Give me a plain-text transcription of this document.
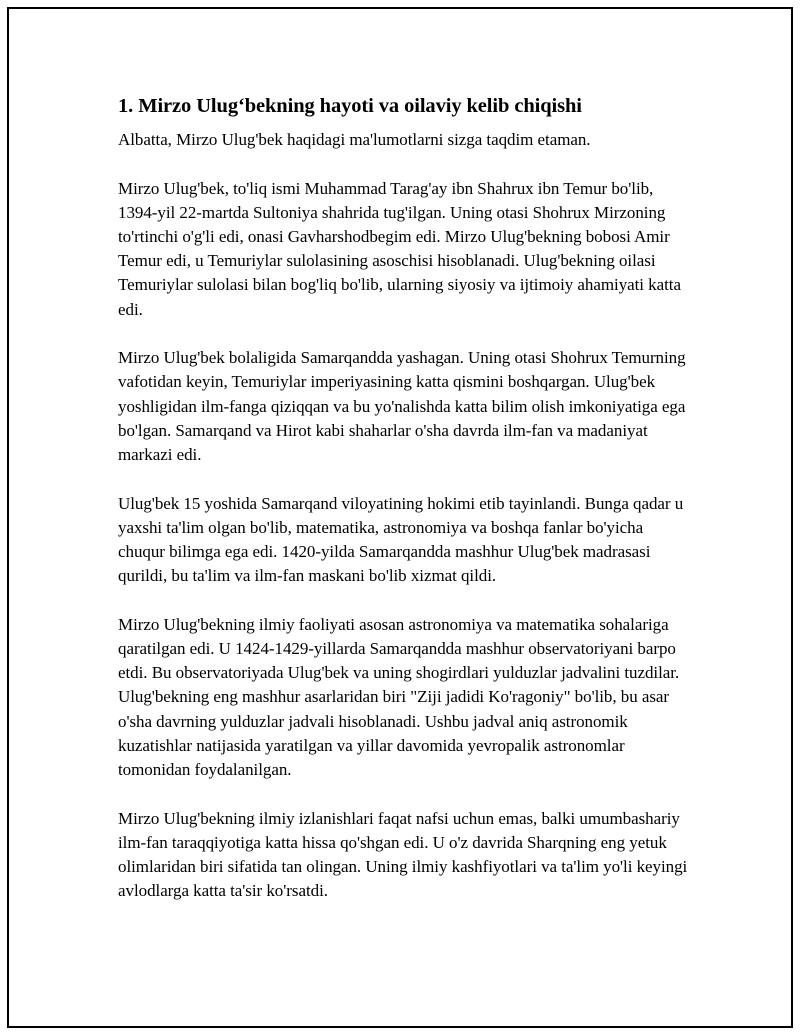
1. Mirzo Ulug‘bekning hayoti va oilaviy kelib chiqishi

Albatta, Mirzo Ulug'bek haqidagi ma'lumotlarni sizga taqdim etaman.

Mirzo Ulug'bek, to'liq ismi Muhammad Tarag'ay ibn Shahrux ibn Temur bo'lib, 1394-yil 22-martda Sultoniya shahrida tug'ilgan. Uning otasi Shohrux Mirzoning to'rtinchi o'g'li edi, onasi Gavharshodbegim edi. Mirzo Ulug'bekning bobosi Amir Temur edi, u Temuriylar sulolasining asoschisi hisoblanadi. Ulug'bekning oilasi Temuriylar sulolasi bilan bog'liq bo'lib, ularning siyosiy va ijtimoiy ahamiyati katta edi.

Mirzo Ulug'bek bolaligida Samarqandda yashagan. Uning otasi Shohrux Temurning vafotidan keyin, Temuriylar imperiyasining katta qismini boshqargan. Ulug'bek yoshligidan ilm-fanga qiziqqan va bu yo'nalishda katta bilim olish imkoniyatiga ega bo'lgan. Samarqand va Hirot kabi shaharlar o'sha davrda ilm-fan va madaniyat markazi edi.

Ulug'bek 15 yoshida Samarqand viloyatining hokimi etib tayinlandi. Bunga qadar u yaxshi ta'lim olgan bo'lib, matematika, astronomiya va boshqa fanlar bo'yicha chuqur bilimga ega edi. 1420-yilda Samarqandda mashhur Ulug'bek madrasasi qurildi, bu ta'lim va ilm-fan maskani bo'lib xizmat qildi.

Mirzo Ulug'bekning ilmiy faoliyati asosan astronomiya va matematika sohalariga qaratilgan edi. U 1424-1429-yillarda Samarqandda mashhur observatoriyani barpo etdi. Bu observatoriyada Ulug'bek va uning shogirdlari yulduzlar jadvalini tuzdilar. Ulug'bekning eng mashhur asarlaridan biri "Ziji jadidi Ko'ragoniy" bo'lib, bu asar o'sha davrning yulduzlar jadvali hisoblanadi. Ushbu jadval aniq astronomik kuzatishlar natijasida yaratilgan va yillar davomida yevropalik astronomlar tomonidan foydalanilgan.

Mirzo Ulug'bekning ilmiy izlanishlari faqat nafsi uchun emas, balki umumbashariy ilm-fan taraqqiyotiga katta hissa qo'shgan edi. U o'z davrida Sharqning eng yetuk olimlaridan biri sifatida tan olingan. Uning ilmiy kashfiyotlari va ta'lim yo'li keyingi avlodlarga katta ta'sir ko'rsatdi.
